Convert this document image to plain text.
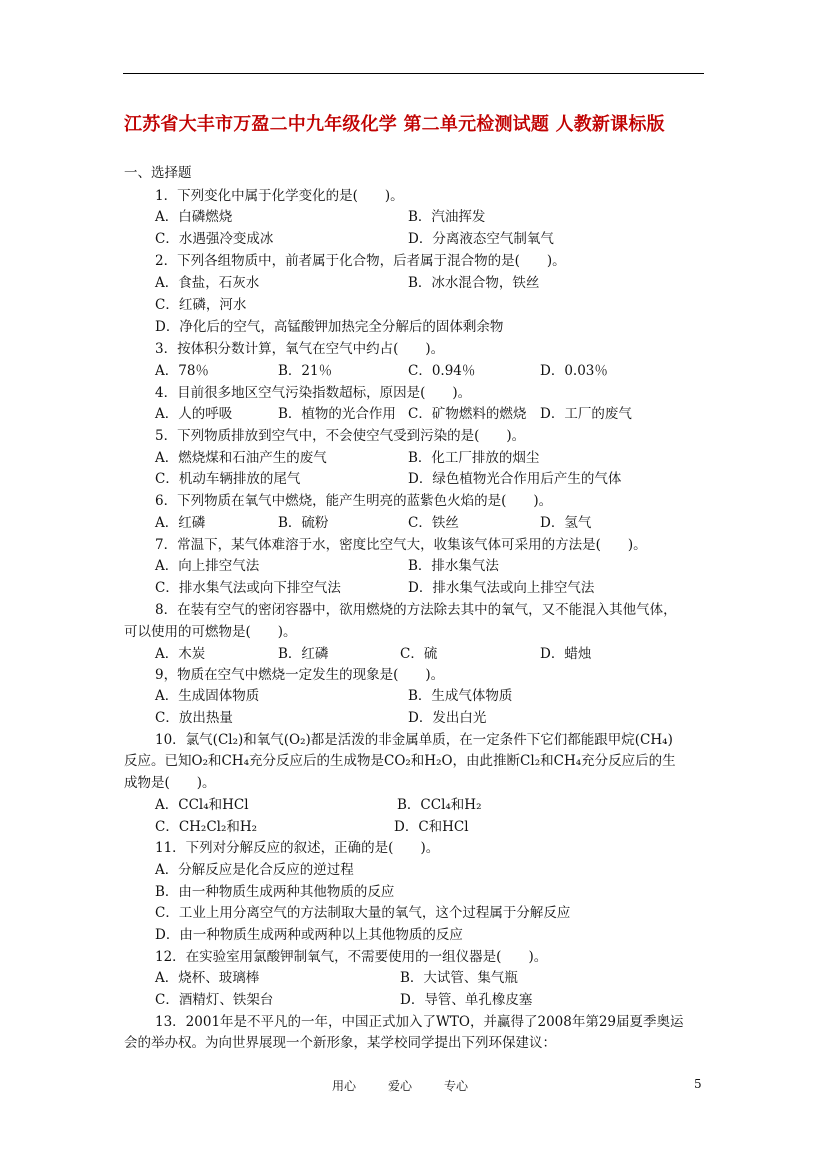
江苏省大丰市万盈二中九年级化学 第二单元检测试题 人教新课标版
一、选择题
1．下列变化中属于化学变化的是(　　)。
A．白磷燃烧	B．汽油挥发
C．水遇强冷变成冰	D．分离液态空气制氧气
2．下列各组物质中，前者属于化合物，后者属于混合物的是(　　)。
A．食盐，石灰水	B．冰水混合物，铁丝
C．红磷，河水
D．净化后的空气，高锰酸钾加热完全分解后的固体剩余物
3．按体积分数计算，氧气在空气中约占(　　)。
A．78％	B．21％	C．0.94％	D．0.03％
4．目前很多地区空气污染指数超标，原因是(　　)。
A．人的呼吸	B．植物的光合作用 C．矿物燃料的燃烧 D．工厂的废气
5．下列物质排放到空气中，不会使空气受到污染的是(　　)。
A．燃烧煤和石油产生的废气	B．化工厂排放的烟尘
C．机动车辆排放的尾气	D．绿色植物光合作用后产生的气体
6．下列物质在氧气中燃烧，能产生明亮的蓝紫色火焰的是(　　)。
A．红磷	B．硫粉	C．铁丝	D．氢气
7．常温下，某气体难溶于水，密度比空气大，收集该气体可采用的方法是(　　)。
A．向上排空气法	B．排水集气法
C．排水集气法或向下排空气法	D．排水集气法或向上排空气法
8．在装有空气的密闭容器中，欲用燃烧的方法除去其中的氧气，又不能混入其他气体，
可以使用的可燃物是(　　)。
A．木炭	B．红磷	C．硫	D．蜡烛
9，物质在空气中燃烧一定发生的现象是(　　)。
A．生成固体物质	B．生成气体物质
C．放出热量	D．发出白光
10．氯气(Cl₂)和氧气(O₂)都是活泼的非金属单质，在一定条件下它们都能跟甲烷(CH₄)
反应。已知O₂和CH₄充分反应后的生成物是CO₂和H₂O，由此推断Cl₂和CH₄充分反应后的生
成物是(　　)。
A．CCl₄和HCl	B．CCl₄和H₂
C．CH₂Cl₂和H₂	D．C和HCl
11．下列对分解反应的叙述，正确的是(　　)。
A．分解反应是化合反应的逆过程
B．由一种物质生成两种其他物质的反应
C．工业上用分离空气的方法制取大量的氧气，这个过程属于分解反应
D．由一种物质生成两种或两种以上其他物质的反应
12．在实验室用氯酸钾制氧气，不需要使用的一组仪器是(　　)。
A．烧杯、玻璃棒	B．大试管、集气瓶
C．酒精灯、铁架台	D．导管、单孔橡皮塞
13．2001年是不平凡的一年，中国正式加入了WTO，并赢得了2008年第29届夏季奥运
会的举办权。为向世界展现一个新形象，某学校同学提出下列环保建议：
用心	爱心	专心	5
